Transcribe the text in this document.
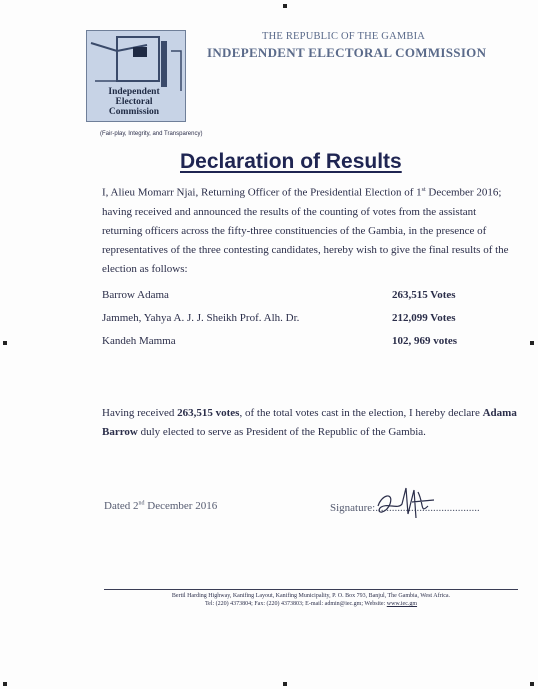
Independent
Electoral
Commission
(Fair-play, Integrity, and Transparency)
THE REPUBLIC OF THE GAMBIA
INDEPENDENT ELECTORAL COMMISSION
Declaration of Results
I, Alieu Momarr Njai, Returning Officer of the Presidential Election of 1st December 2016; having received and announced the results of the counting of votes from the assistant returning officers across the fifty-three constituencies of the Gambia, in the presence of representatives of the three contesting candidates, hereby wish to give the final results of the election as follows:
Barrow Adama	263,515 Votes
Jammeh, Yahya A. J. J. Sheikh Prof. Alh. Dr.	212,099 Votes
Kandeh Mamma	102, 969 votes
Having received 263,515 votes, of the total votes cast in the election, I hereby declare Adama Barrow duly elected to serve as President of the Republic of the Gambia.
Dated 2nd December 2016	Signature:......................................
Bertil Harding Highway, Kanifing Layout, Kanifing Municipality, P. O. Box 793, Banjul, The Gambia, West Africa.
Tel: (220) 4373804; Fax: (220) 4373803; E-mail: admin@iec.gm; Website: www.iec.gm
